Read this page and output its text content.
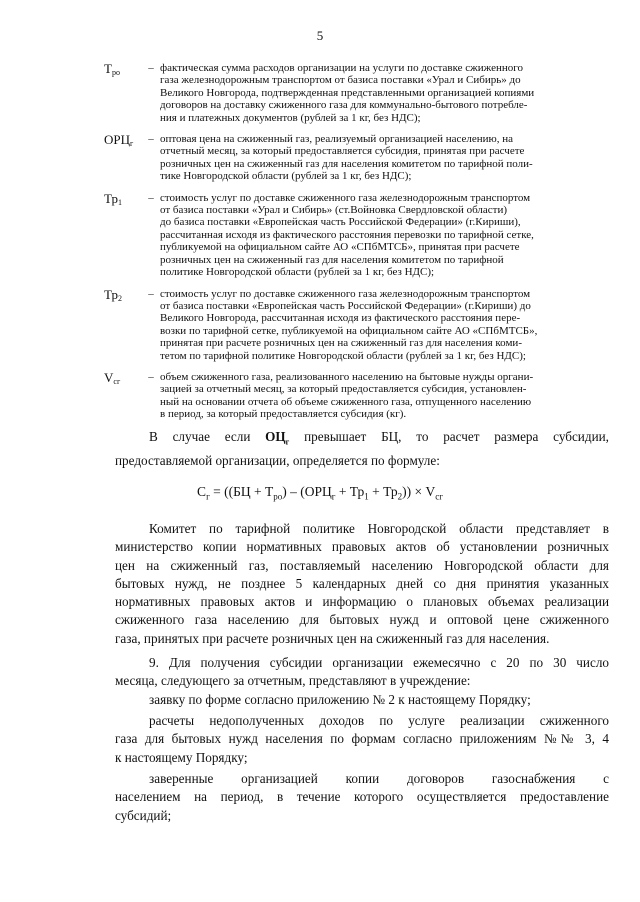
5
$Т_{ро}$	– фактическая сумма расходов организации на услуги по доставке сжиженного
газа железнодорожным транспортом от базиса поставки «Урал и Сибирь» до
Великого Новгорода, подтвержденная представленными организацией копиями
договоров на доставку сжиженного газа для коммунально-бытового потребле-
ния и платежных документов (рублей за 1 кг, без НДС);
$ОРЦ_г$	– оптовая цена на сжиженный газ, реализуемый организацией населению, на
отчетный месяц, за который предоставляется субсидия, принятая при расчете
розничных цен на сжиженный газ для населения комитетом по тарифной поли-
тике Новгородской области (рублей за 1 кг, без НДС);
$Тр_1$	– стоимость услуг по доставке сжиженного газа железнодорожным транспортом
от базиса поставки «Урал и Сибирь» (ст.Войновка Свердловской области)
до базиса поставки «Европейская часть Российской Федерации» (г.Кириши),
рассчитанная исходя из фактического расстояния перевозки по тарифной сетке,
публикуемой на официальном сайте АО «СПбМТСБ», принятая при расчете
розничных цен на сжиженный газ для населения комитетом по тарифной
политике Новгородской области (рублей за 1 кг, без НДС);
$Тр_2$	– стоимость услуг по доставке сжиженного газа железнодорожным транспортом
от базиса поставки «Европейская часть Российской Федерации» (г.Кириши) до
Великого Новгорода, рассчитанная исходя из фактического расстояния пере-
возки по тарифной сетке, публикуемой на официальном сайте АО «СПбМТСБ»,
принятая при расчете розничных цен на сжиженный газ для населения коми-
тетом по тарифной политике Новгородской области (рублей за 1 кг, без НДС);
$V_{сг}$	– объем сжиженного газа, реализованного населению на бытовые нужды органи-
зацией за отчетный месяц, за который предоставляется субсидия, установлен-
ный на основании отчета об объеме сжиженного газа, отпущенного населению
в период, за который предоставляется субсидия (кг).
В случае если $ОЦ_г$ превышает БЦ, то расчет размера субсидии,
предоставляемой организации, определяется по формуле:
$С_г = ((БЦ + Т_{ро}) - (ОРЦ_г + Тр_1 + Тр_2)) \times V_{сг}$
Комитет по тарифной политике Новгородской области представляет в
министерство копии нормативных правовых актов об установлении розничных
цен на сжиженный газ, поставляемый населению Новгородской области для
бытовых нужд, не позднее 5 календарных дней со дня принятия указанных
нормативных правовых актов и информацию о плановых объемах реализации
сжиженного газа населению для бытовых нужд и оптовой цене сжиженного
газа, принятых при расчете розничных цен на сжиженный газ для населения.
9. Для получения субсидии организации ежемесячно с 20 по 30 число
месяца, следующего за отчетным, представляют в учреждение:
заявку по форме согласно приложению № 2 к настоящему Порядку;
расчеты недополученных доходов по услуге реализации сжиженного
газа для бытовых нужд населения по формам согласно приложениям №№ 3, 4
к настоящему Порядку;
заверенные организацией копии договоров газоснабжения с
населением на период, в течение которого осуществляется предоставление
субсидий;
